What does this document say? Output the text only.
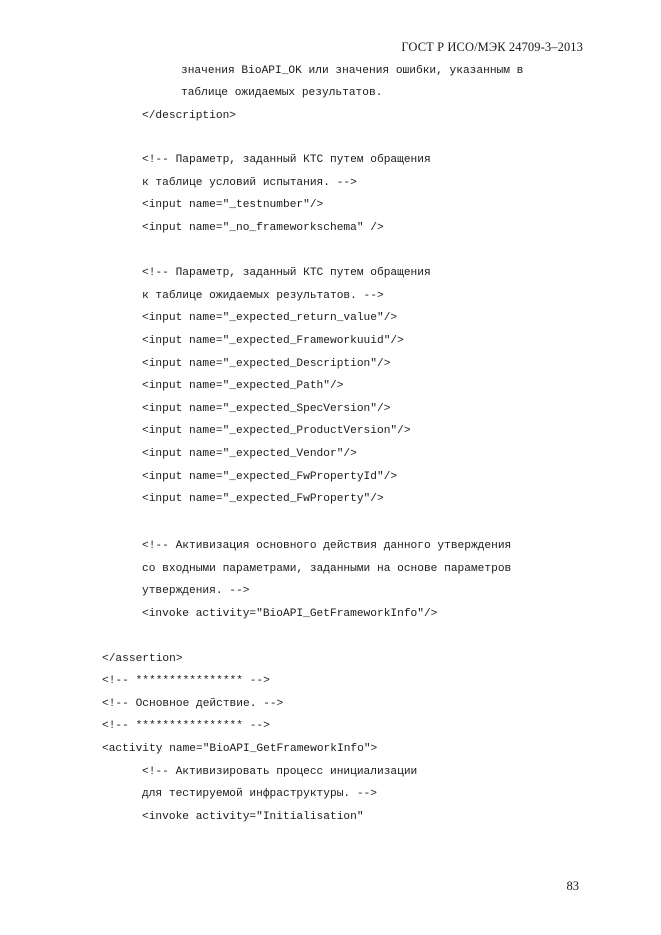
ГОСТ Р ИСО/МЭК 24709-3–2013
значения BioAPI_OK или значения ошибки, указанным в
таблице ожидаемых результатов.
</description>
<!-- Параметр, заданный КТС путем обращения
к таблице условий испытания. -->
<input name="_testnumber"/>
<input name="_no_frameworkschema" />
<!-- Параметр, заданный КТС путем обращения
к таблице ожидаемых результатов. -->
<input name="_expected_return_value"/>
<input name="_expected_Frameworkuuid"/>
<input name="_expected_Description"/>
<input name="_expected_Path"/>
<input name="_expected_SpecVersion"/>
<input name="_expected_ProductVersion"/>
<input name="_expected_Vendor"/>
<input name="_expected_FwPropertyId"/>
<input name="_expected_FwProperty"/>
<!-- Активизация основного действия данного утверждения
со входными параметрами, заданными на основе параметров
утверждения. -->
<invoke activity="BioAPI_GetFrameworkInfo"/>
</assertion>
<!-- **************** -->
<!-- Основное действие. -->
<!-- **************** -->
<activity name="BioAPI_GetFrameworkInfo">
<!-- Активизировать процесс инициализации
для тестируемой инфраструктуры. -->
<invoke activity="Initialisation"
83
